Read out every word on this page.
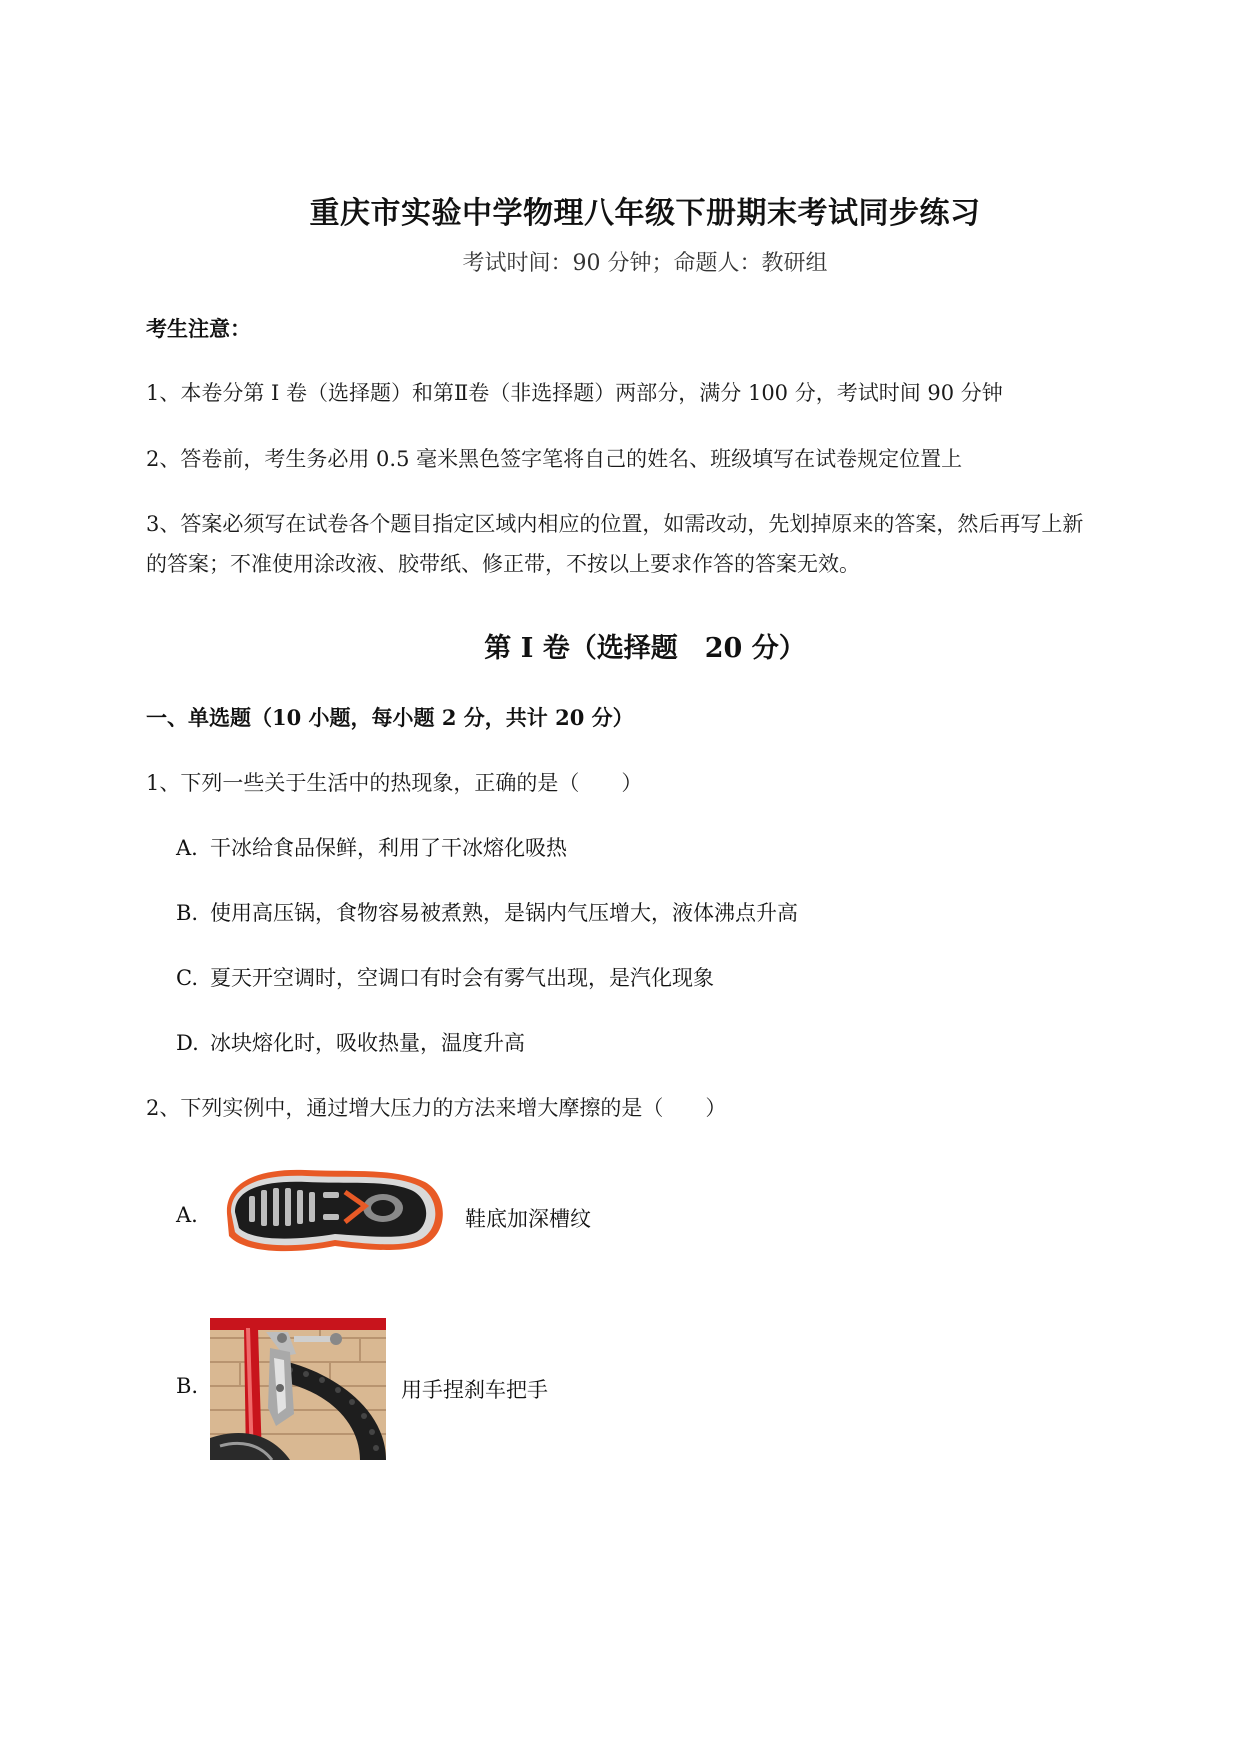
重庆市实验中学物理八年级下册期末考试同步练习
考试时间：90 分钟；命题人：教研组
考生注意：
1、本卷分第 I 卷（选择题）和第Ⅱ卷（非选择题）两部分，满分 100 分，考试时间 90 分钟
2、答卷前，考生务必用 0.5 毫米黑色签字笔将自己的姓名、班级填写在试卷规定位置上
3、答案必须写在试卷各个题目指定区域内相应的位置，如需改动，先划掉原来的答案，然后再写上新
的答案；不准使用涂改液、胶带纸、修正带，不按以上要求作答的答案无效。
第 I 卷（选择题　20 分）
一、单选题（10 小题，每小题 2 分，共计 20 分）
1、下列一些关于生活中的热现象，正确的是（　　）
A. 干冰给食品保鲜，利用了干冰熔化吸热
B. 使用高压锅，食物容易被煮熟，是锅内气压增大，液体沸点升高
C. 夏天开空调时，空调口有时会有雾气出现，是汽化现象
D. 冰块熔化时，吸收热量，温度升高
2、下列实例中，通过增大压力的方法来增大摩擦的是（　　）
A.	鞋底加深槽纹
B.	用手捏刹车把手
